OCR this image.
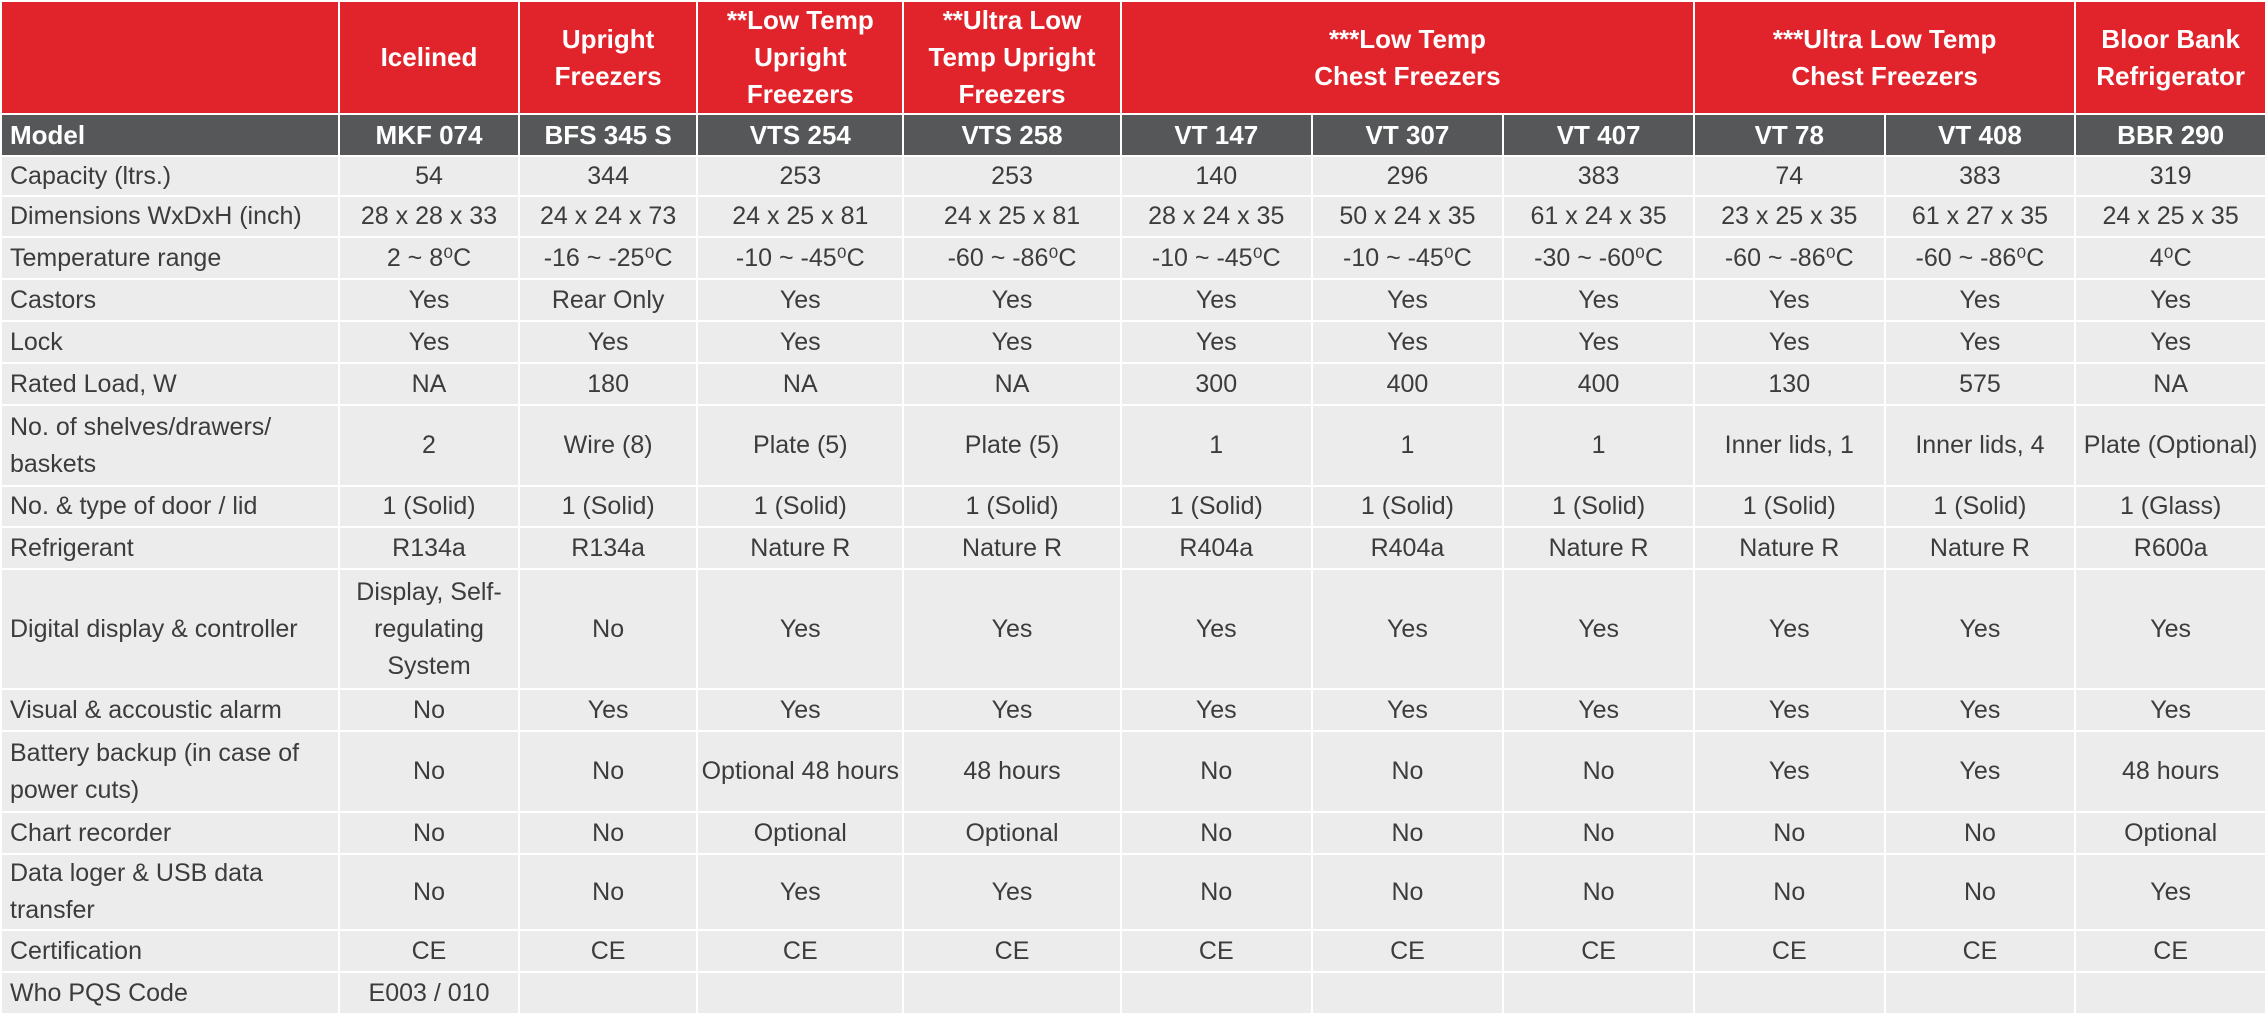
	Icelined	Upright Freezers	**Low Temp Upright Freezers	**Ultra Low Temp Upright Freezers	***Low Temp Chest Freezers			***Ultra Low Temp Chest Freezers		Bloor Bank Refrigerator
Model	MKF 074	BFS 345 S	VTS 254	VTS 258	VT 147	VT 307	VT 407	VT 78	VT 408	BBR 290
Capacity (ltrs.)	54	344	253	253	140	296	383	74	383	319
Dimensions WxDxH (inch)	28 x 28 x 33	24 x 24 x 73	24 x 25 x 81	24 x 25 x 81	28 x 24 x 35	50 x 24 x 35	61 x 24 x 35	23 x 25 x 35	61 x 27 x 35	24 x 25 x 35
Temperature range	2 ~ 8⁰C	-16 ~ -25⁰C	-10 ~ -45⁰C	-60 ~ -86⁰C	-10 ~ -45⁰C	-10 ~ -45⁰C	-30 ~ -60⁰C	-60 ~ -86⁰C	-60 ~ -86⁰C	4⁰C
Castors	Yes	Rear Only	Yes	Yes	Yes	Yes	Yes	Yes	Yes	Yes
Lock	Yes	Yes	Yes	Yes	Yes	Yes	Yes	Yes	Yes	Yes
Rated Load, W	NA	180	NA	NA	300	400	400	130	575	NA
No. of shelves/drawers/ baskets	2	Wire (8)	Plate (5)	Plate (5)	1	1	1	Inner lids, 1	Inner lids, 4	Plate (Optional)
No. & type of door / lid	1 (Solid)	1 (Solid)	1 (Solid)	1 (Solid)	1 (Solid)	1 (Solid)	1 (Solid)	1 (Solid)	1 (Solid)	1 (Glass)
Refrigerant	R134a	R134a	Nature R	Nature R	R404a	R404a	Nature R	Nature R	Nature R	R600a
Digital display & controller	Display, Self-regulating System	No	Yes	Yes	Yes	Yes	Yes	Yes	Yes	Yes
Visual & accoustic alarm	No	Yes	Yes	Yes	Yes	Yes	Yes	Yes	Yes	Yes
Battery backup (in case of power cuts)	No	No	Optional 48 hours	48 hours	No	No	No	Yes	Yes	48 hours
Chart recorder	No	No	Optional	Optional	No	No	No	No	No	Optional
Data loger & USB data transfer	No	No	Yes	Yes	No	No	No	No	No	Yes
Certification	CE	CE	CE	CE	CE	CE	CE	CE	CE	CE
Who PQS Code	E003 / 010									
